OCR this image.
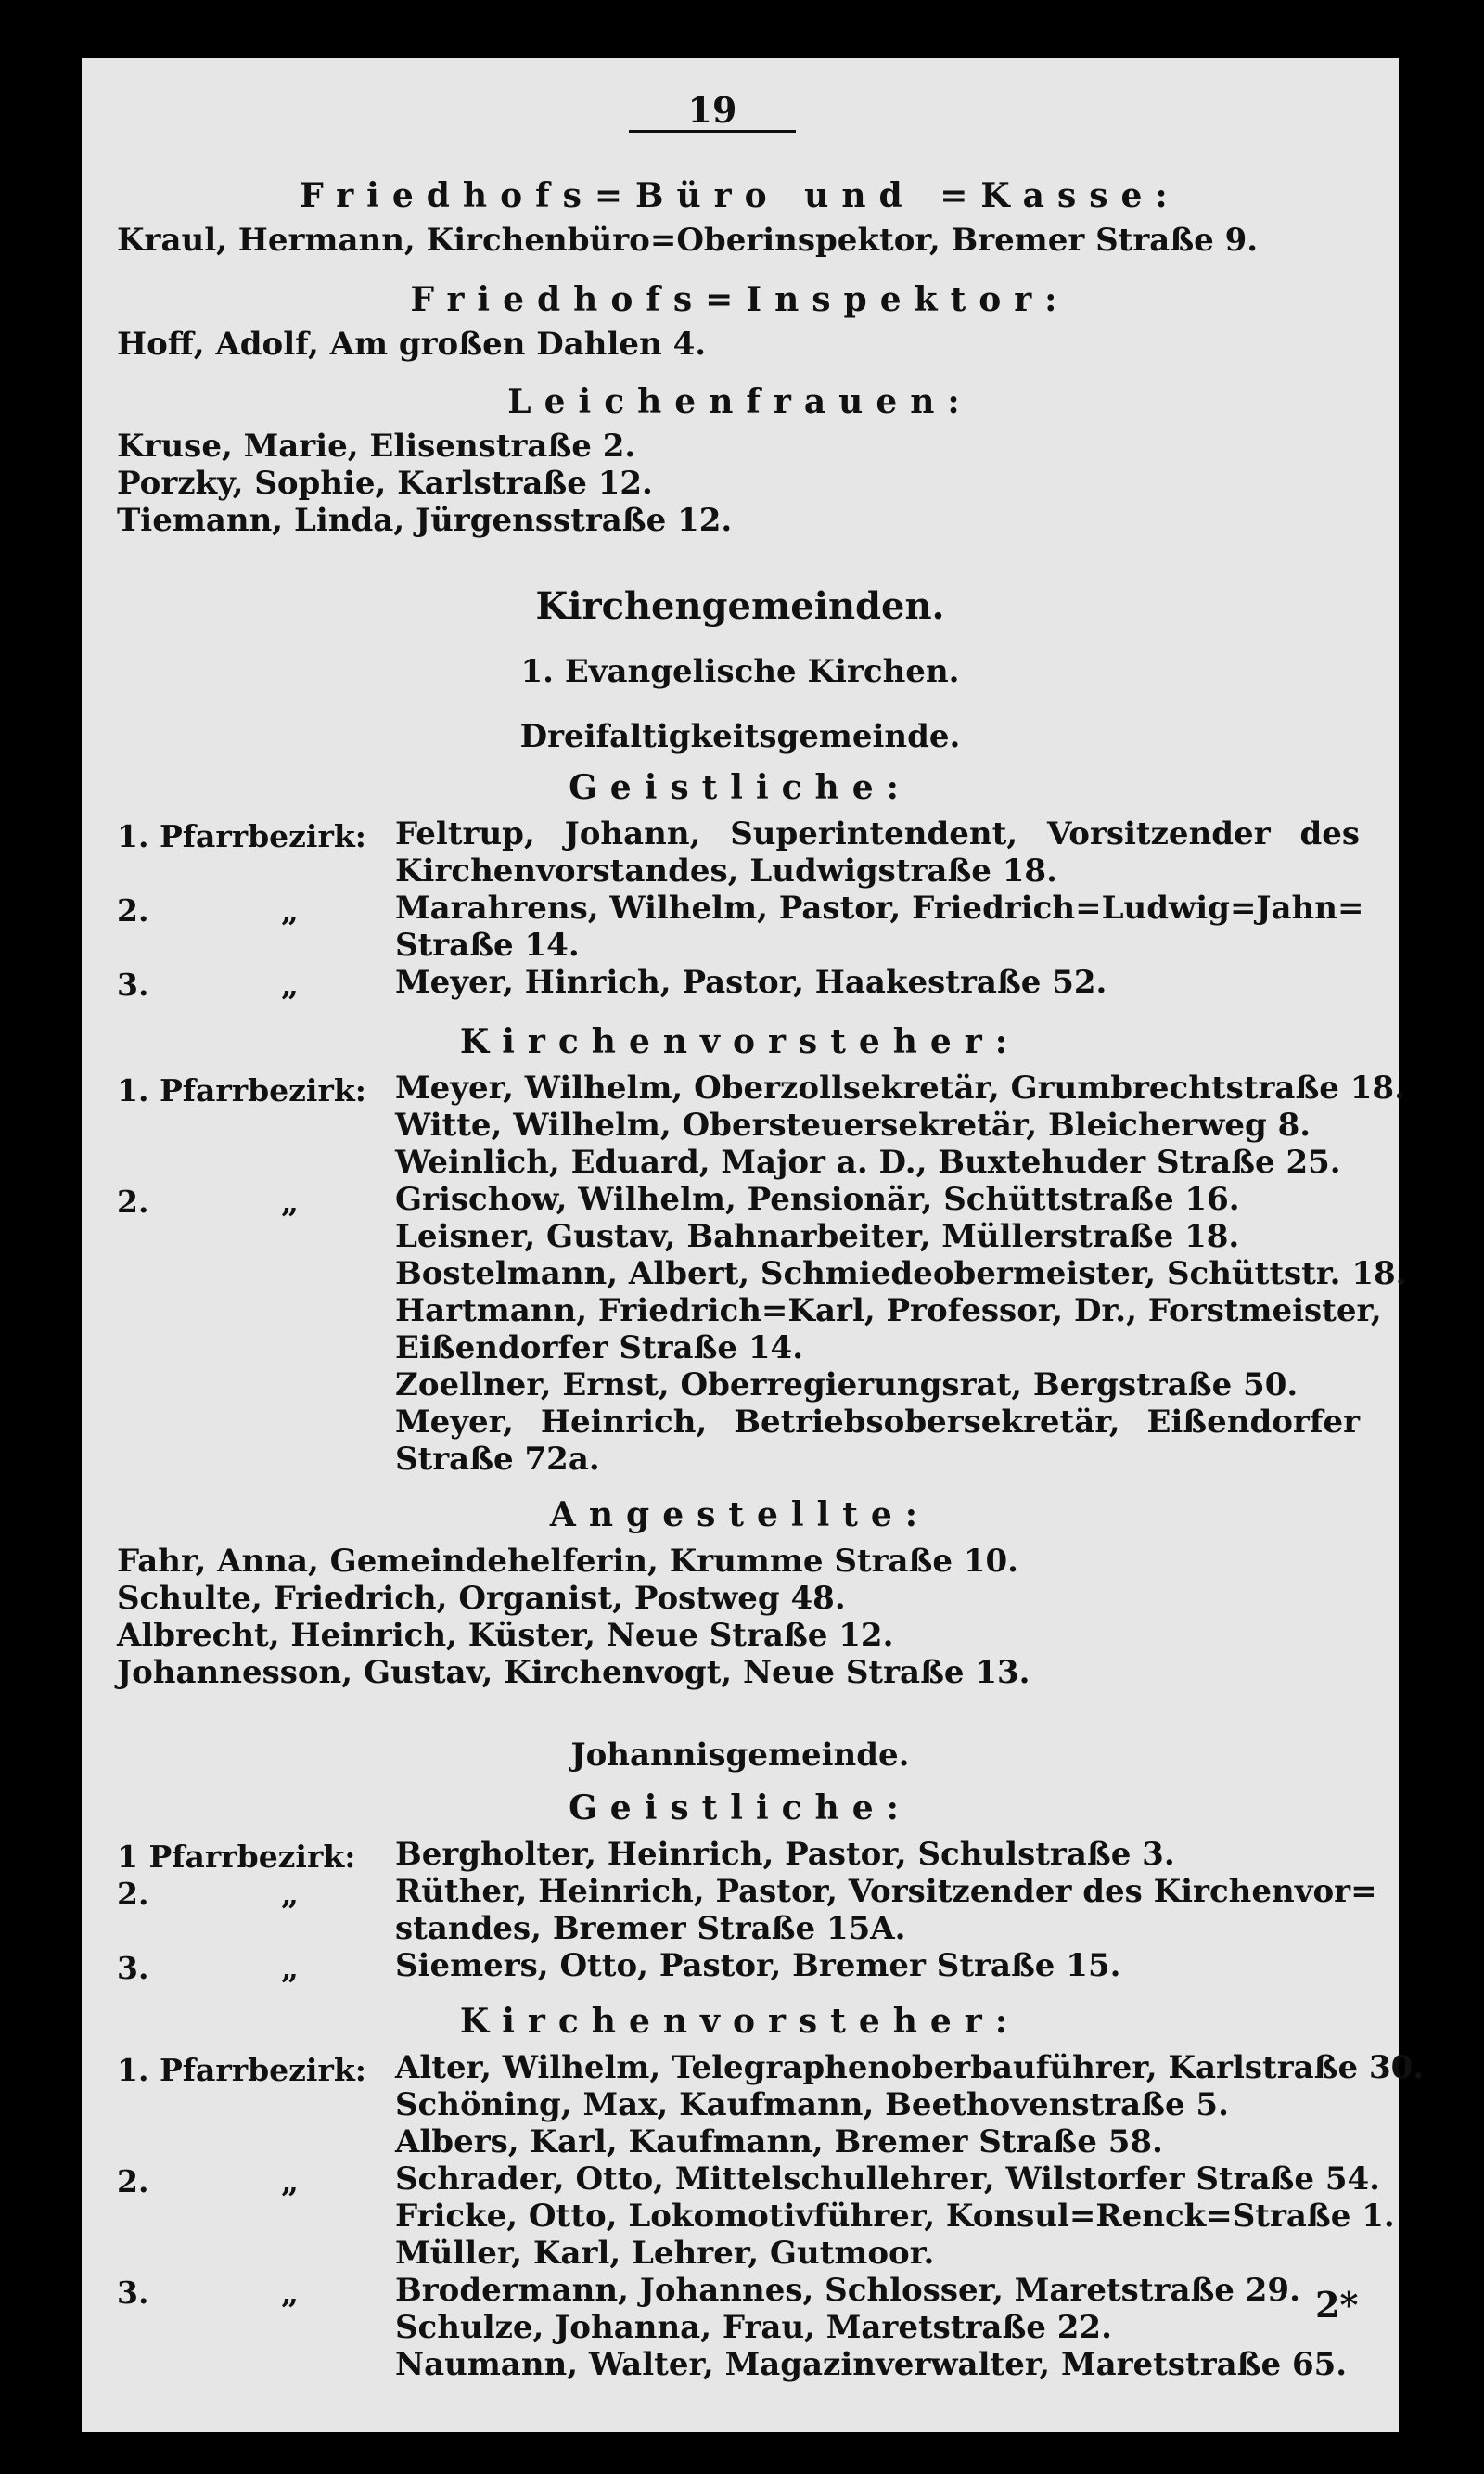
19
Friedhofs=Büro und =Kasse:
Kraul, Hermann, Kirchenbüro=Oberinspektor, Bremer Straße 9.
Friedhofs=Inspektor:
Hoff, Adolf, Am großen Dahlen 4.
Leichenfrauen:
Kruse, Marie, Elisenstraße 2.
Porzky, Sophie, Karlstraße 12.
Tiemann, Linda, Jürgensstraße 12.
Kirchengemeinden.
1. Evangelische Kirchen.
Dreifaltigkeitsgemeinde.
Geistliche:
1. Pfarrbezirk: Feltrup, Johann, Superintendent, Vorsitzender des
Kirchenvorstandes, Ludwigstraße 18.
2.	„	Marahrens, Wilhelm, Pastor, Friedrich=Ludwig=Jahn=
Straße 14.
3.	„	Meyer, Hinrich, Pastor, Haakestraße 52.
Kirchenvorsteher:
1. Pfarrbezirk: Meyer, Wilhelm, Oberzollsekretär, Grumbrechtstraße 18.
Witte, Wilhelm, Obersteuersekretär, Bleicherweg 8.
Weinlich, Eduard, Major a. D., Buxtehuder Straße 25.
2.	„	Grischow, Wilhelm, Pensionär, Schüttstraße 16.
Leisner, Gustav, Bahnarbeiter, Müllerstraße 18.
Bostelmann, Albert, Schmiedeobermeister, Schüttstr. 18.
Hartmann, Friedrich=Karl, Professor, Dr., Forstmeister,
Eißendorfer Straße 14.
Zoellner, Ernst, Oberregierungsrat, Bergstraße 50.
Meyer, Heinrich, Betriebsobersekretär, Eißendorfer
Straße 72a.
Angestellte:
Fahr, Anna, Gemeindehelferin, Krumme Straße 10.
Schulte, Friedrich, Organist, Postweg 48.
Albrecht, Heinrich, Küster, Neue Straße 12.
Johannesson, Gustav, Kirchenvogt, Neue Straße 13.
Johannisgemeinde.
Geistliche:
1 Pfarrbezirk: Bergholter, Heinrich, Pastor, Schulstraße 3.
2.	„	Rüther, Heinrich, Pastor, Vorsitzender des Kirchenvor=
standes, Bremer Straße 15A.
3.	„	Siemers, Otto, Pastor, Bremer Straße 15.
Kirchenvorsteher:
1. Pfarrbezirk: Alter, Wilhelm, Telegraphenoberbauführer, Karlstraße 30.
Schöning, Max, Kaufmann, Beethovenstraße 5.
Albers, Karl, Kaufmann, Bremer Straße 58.
2.	„	Schrader, Otto, Mittelschullehrer, Wilstorfer Straße 54.
Fricke, Otto, Lokomotivführer, Konsul=Renck=Straße 1.
Müller, Karl, Lehrer, Gutmoor.
3.	„	Brodermann, Johannes, Schlosser, Maretstraße 29.
Schulze, Johanna, Frau, Maretstraße 22.
Naumann, Walter, Magazinverwalter, Maretstraße 65.
2*
